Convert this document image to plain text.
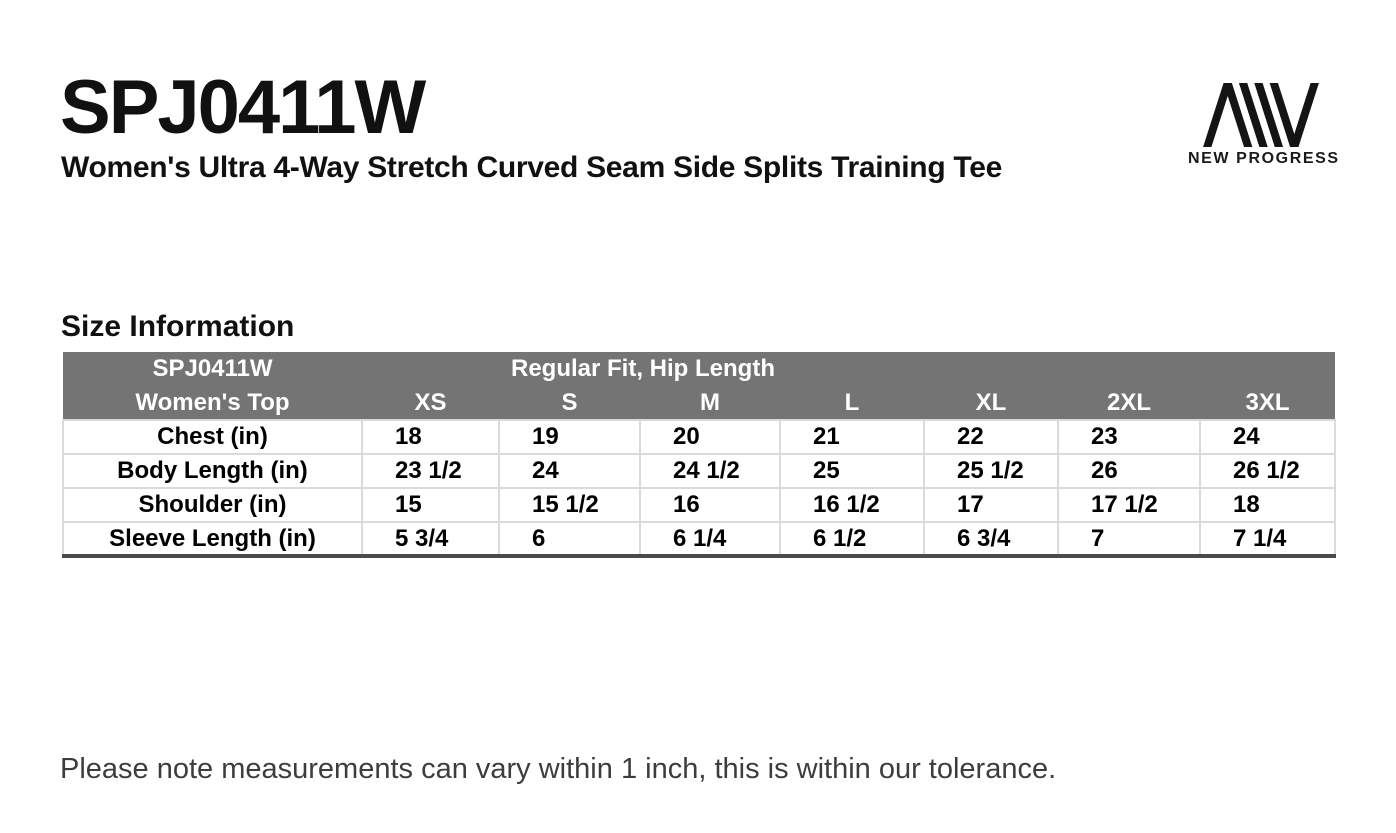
SPJ0411W
Women's Ultra 4-Way Stretch Curved Seam Side Splits Training Tee	NEW PROGRESS
Size Information
SPJ0411W	Regular Fit, Hip Length						
Women's Top	XS	S	M	L	XL	2XL	3XL
Chest (in)	18	19	20	21	22	23	24
Body Length (in)	23 1/2	24	24 1/2	25	25 1/2	26	26 1/2
Shoulder (in)	15	15 1/2	16	16 1/2	17	17 1/2	18
Sleeve Length (in)	5 3/4	6	6 1/4	6 1/2	6 3/4	7	7 1/4
Please note measurements can vary within 1 inch, this is within our tolerance.
